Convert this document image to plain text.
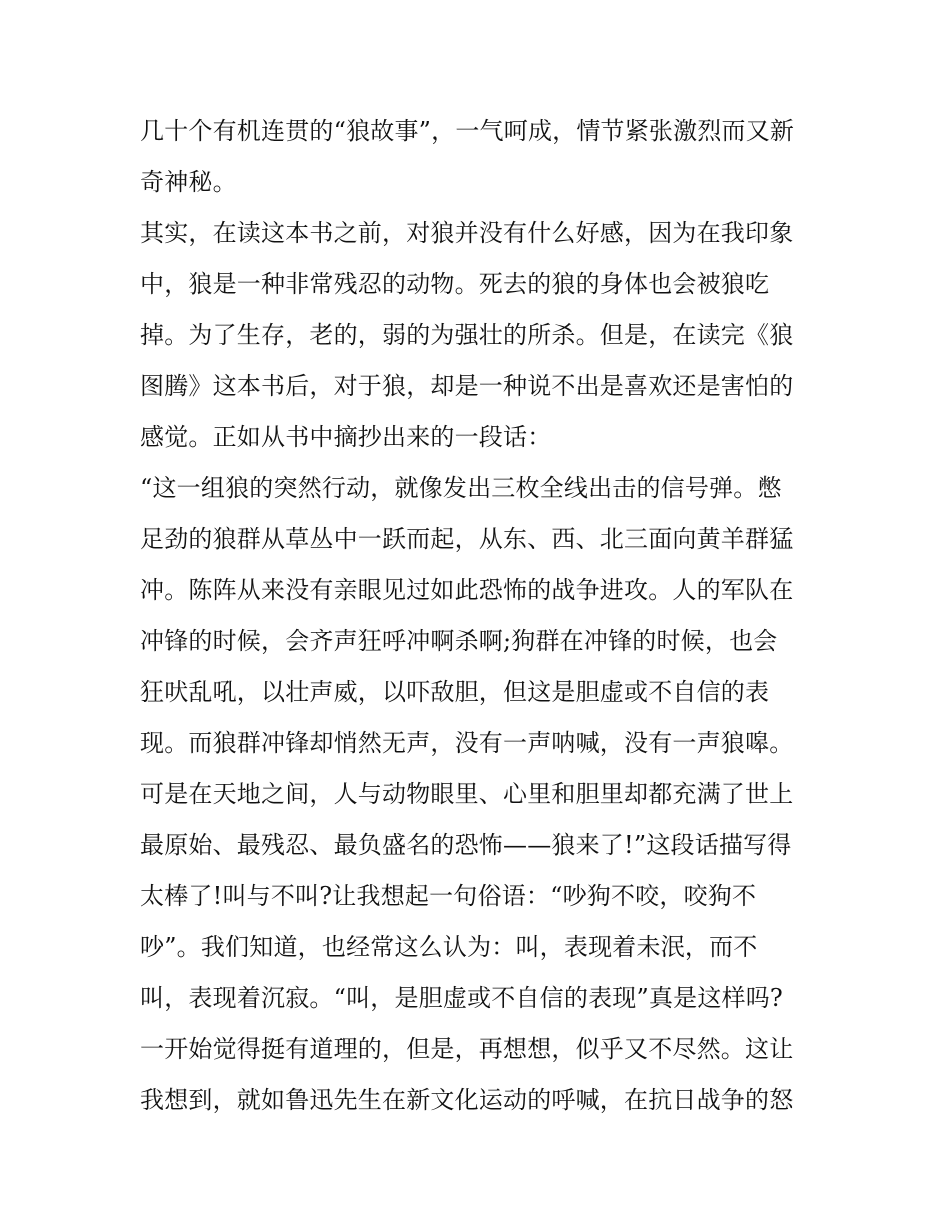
几十个有机连贯的“狼故事”，一气呵成，情节紧张激烈而又新
奇神秘。
其实，在读这本书之前，对狼并没有什么好感，因为在我印象
中，狼是一种非常残忍的动物。死去的狼的身体也会被狼吃
掉。为了生存，老的，弱的为强壮的所杀。但是，在读完《狼
图腾》这本书后，对于狼，却是一种说不出是喜欢还是害怕的
感觉。正如从书中摘抄出来的一段话：
“这一组狼的突然行动，就像发出三枚全线出击的信号弹。憋
足劲的狼群从草丛中一跃而起，从东、西、北三面向黄羊群猛
冲。陈阵从来没有亲眼见过如此恐怖的战争进攻。人的军队在
冲锋的时候，会齐声狂呼冲啊杀啊;狗群在冲锋的时候，也会
狂吠乱吼，以壮声威，以吓敌胆，但这是胆虚或不自信的表
现。而狼群冲锋却悄然无声，没有一声呐喊，没有一声狼嗥。
可是在天地之间，人与动物眼里、心里和胆里却都充满了世上
最原始、最残忍、最负盛名的恐怖——狼来了!”这段话描写得
太棒了!叫与不叫?让我想起一句俗语：“吵狗不咬，咬狗不
吵”。我们知道，也经常这么认为：叫，表现着未泯，而不
叫，表现着沉寂。“叫，是胆虚或不自信的表现”真是这样吗?
一开始觉得挺有道理的，但是，再想想，似乎又不尽然。这让
我想到，就如鲁迅先生在新文化运动的呼喊，在抗日战争的怒
